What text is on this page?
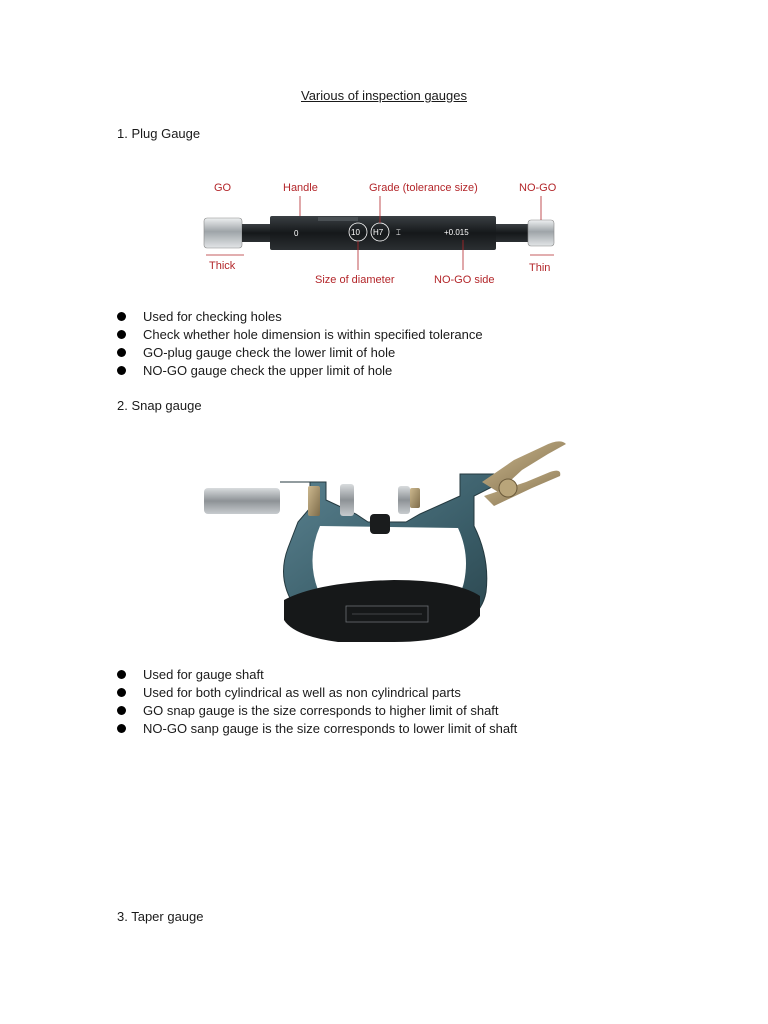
Various of inspection gauges
1. Plug Gauge
0	10 H7 ⌶	+0.015
GO	Handle	Grade (tolerance size)	NO-GO
Thick
Size of diameter	NO-GO side
Thin
Used for checking holes
Check whether hole dimension is within specified tolerance
GO-plug gauge check the lower limit of hole
NO-GO gauge check the upper limit of hole
2. Snap gauge
Used for gauge shaft
Used for both cylindrical as well as non cylindrical parts
GO snap gauge is the size corresponds to higher limit of shaft
NO-GO sanp gauge is the size corresponds to lower limit of shaft
3. Taper gauge
